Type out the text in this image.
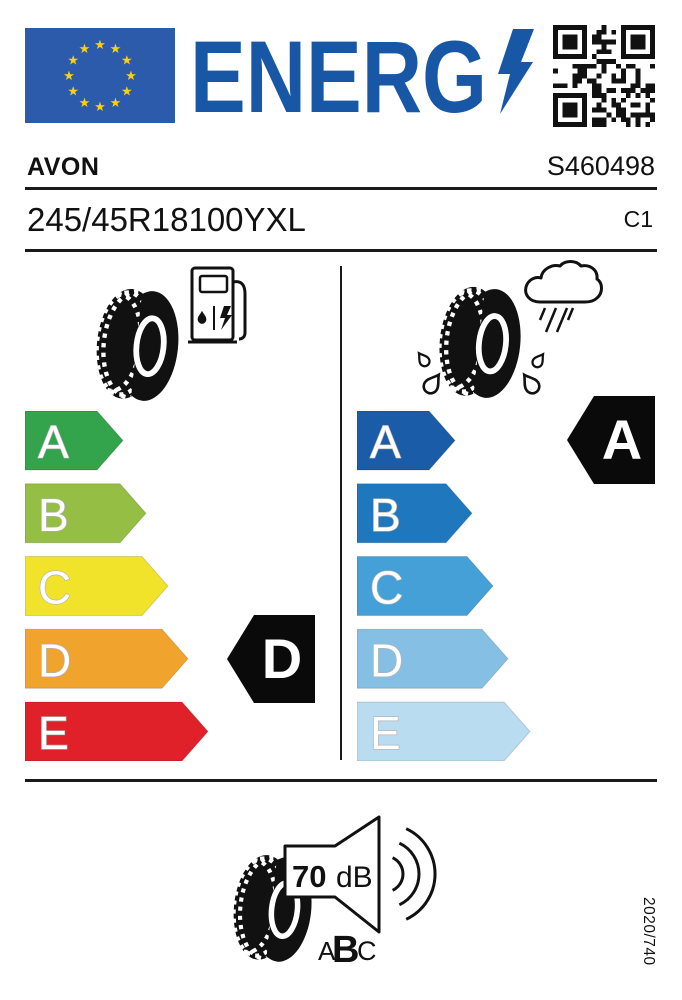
★ ★
★
★
★
★
★
★
★
★
★
★ ENERG
AVON	S460498
245/45R18100YXL	C1
A
B
C
D
E
D
A
B
C
D
E
A
70 dB
A
B
C	2020/740
